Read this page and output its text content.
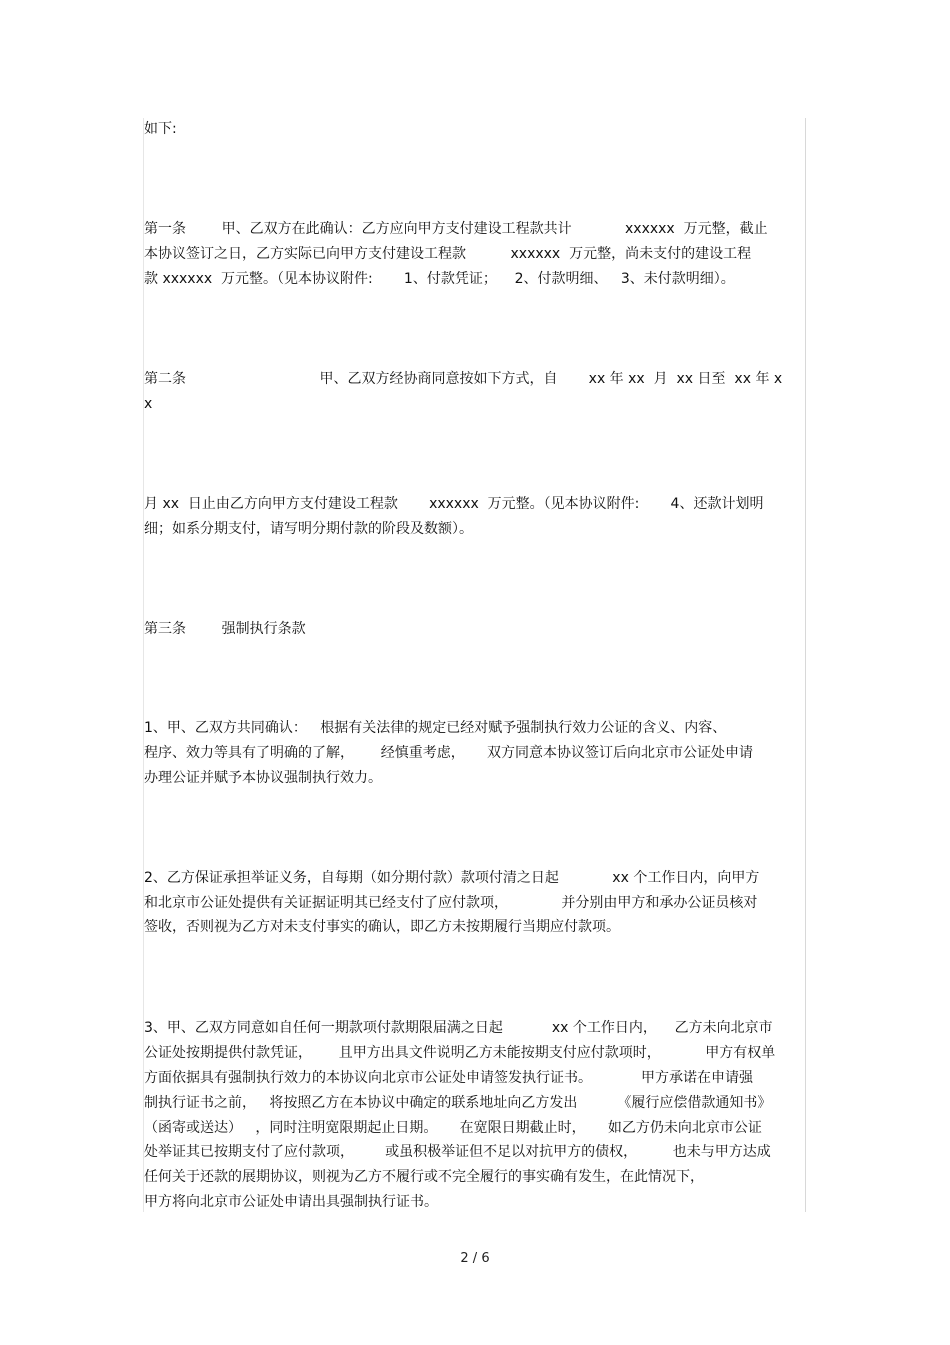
如下:
第一条        甲、乙双方在此确认：乙方应向甲方支付建设工程款共计            xxxxxx  万元整，截止
本协议签订之日，乙方实际已向甲方支付建设工程款          xxxxxx  万元整，尚未支付的建设工程
款 xxxxxx  万元整。（见本协议附件:       1、付款凭证；    2、付款明细、   3、未付款明细）。
第二条                              甲、乙双方经协商同意按如下方式，自       xx 年 xx  月  xx 日至  xx 年 x
x
月 xx  日止由乙方向甲方支付建设工程款       xxxxxx  万元整。（见本协议附件:       4、还款计划明
细；如系分期支付，请写明分期付款的阶段及数额）。
第三条        强制执行条款
1、甲、乙双方共同确认：   根据有关法律的规定已经对赋予强制执行效力公证的含义、内容、
程序、效力等具有了明确的了解，      经慎重考虑，     双方同意本协议签订后向北京市公证处申请
办理公证并赋予本协议强制执行效力。
2、乙方保证承担举证义务，自每期（如分期付款）款项付清之日起            xx 个工作日内，向甲方
和北京市公证处提供有关证据证明其已经支付了应付款项，            并分别由甲方和承办公证员核对
签收，否则视为乙方对未支付事实的确认，即乙方未按期履行当期应付款项。
3、甲、乙双方同意如自任何一期款项付款期限届满之日起           xx 个工作日内，    乙方未向北京市
公证处按期提供付款凭证，      且甲方出具文件说明乙方未能按期支付应付款项时，          甲方有权单
方面依据具有强制执行效力的本协议向北京市公证处申请签发执行证书。           甲方承诺在申请强
制执行证书之前，   将按照乙方在本协议中确定的联系地址向乙方发出         《履行应偿借款通知书》
（函寄或送达）   ，同时注明宽限期起止日期。     在宽限日期截止时，     如乙方仍未向北京市公证
处举证其已按期支付了应付款项，       或虽积极举证但不足以对抗甲方的债权，        也未与甲方达成
任何关于还款的展期协议，则视为乙方不履行或不完全履行的事实确有发生，在此情况下，
甲方将向北京市公证处申请出具强制执行证书。
2 / 6
